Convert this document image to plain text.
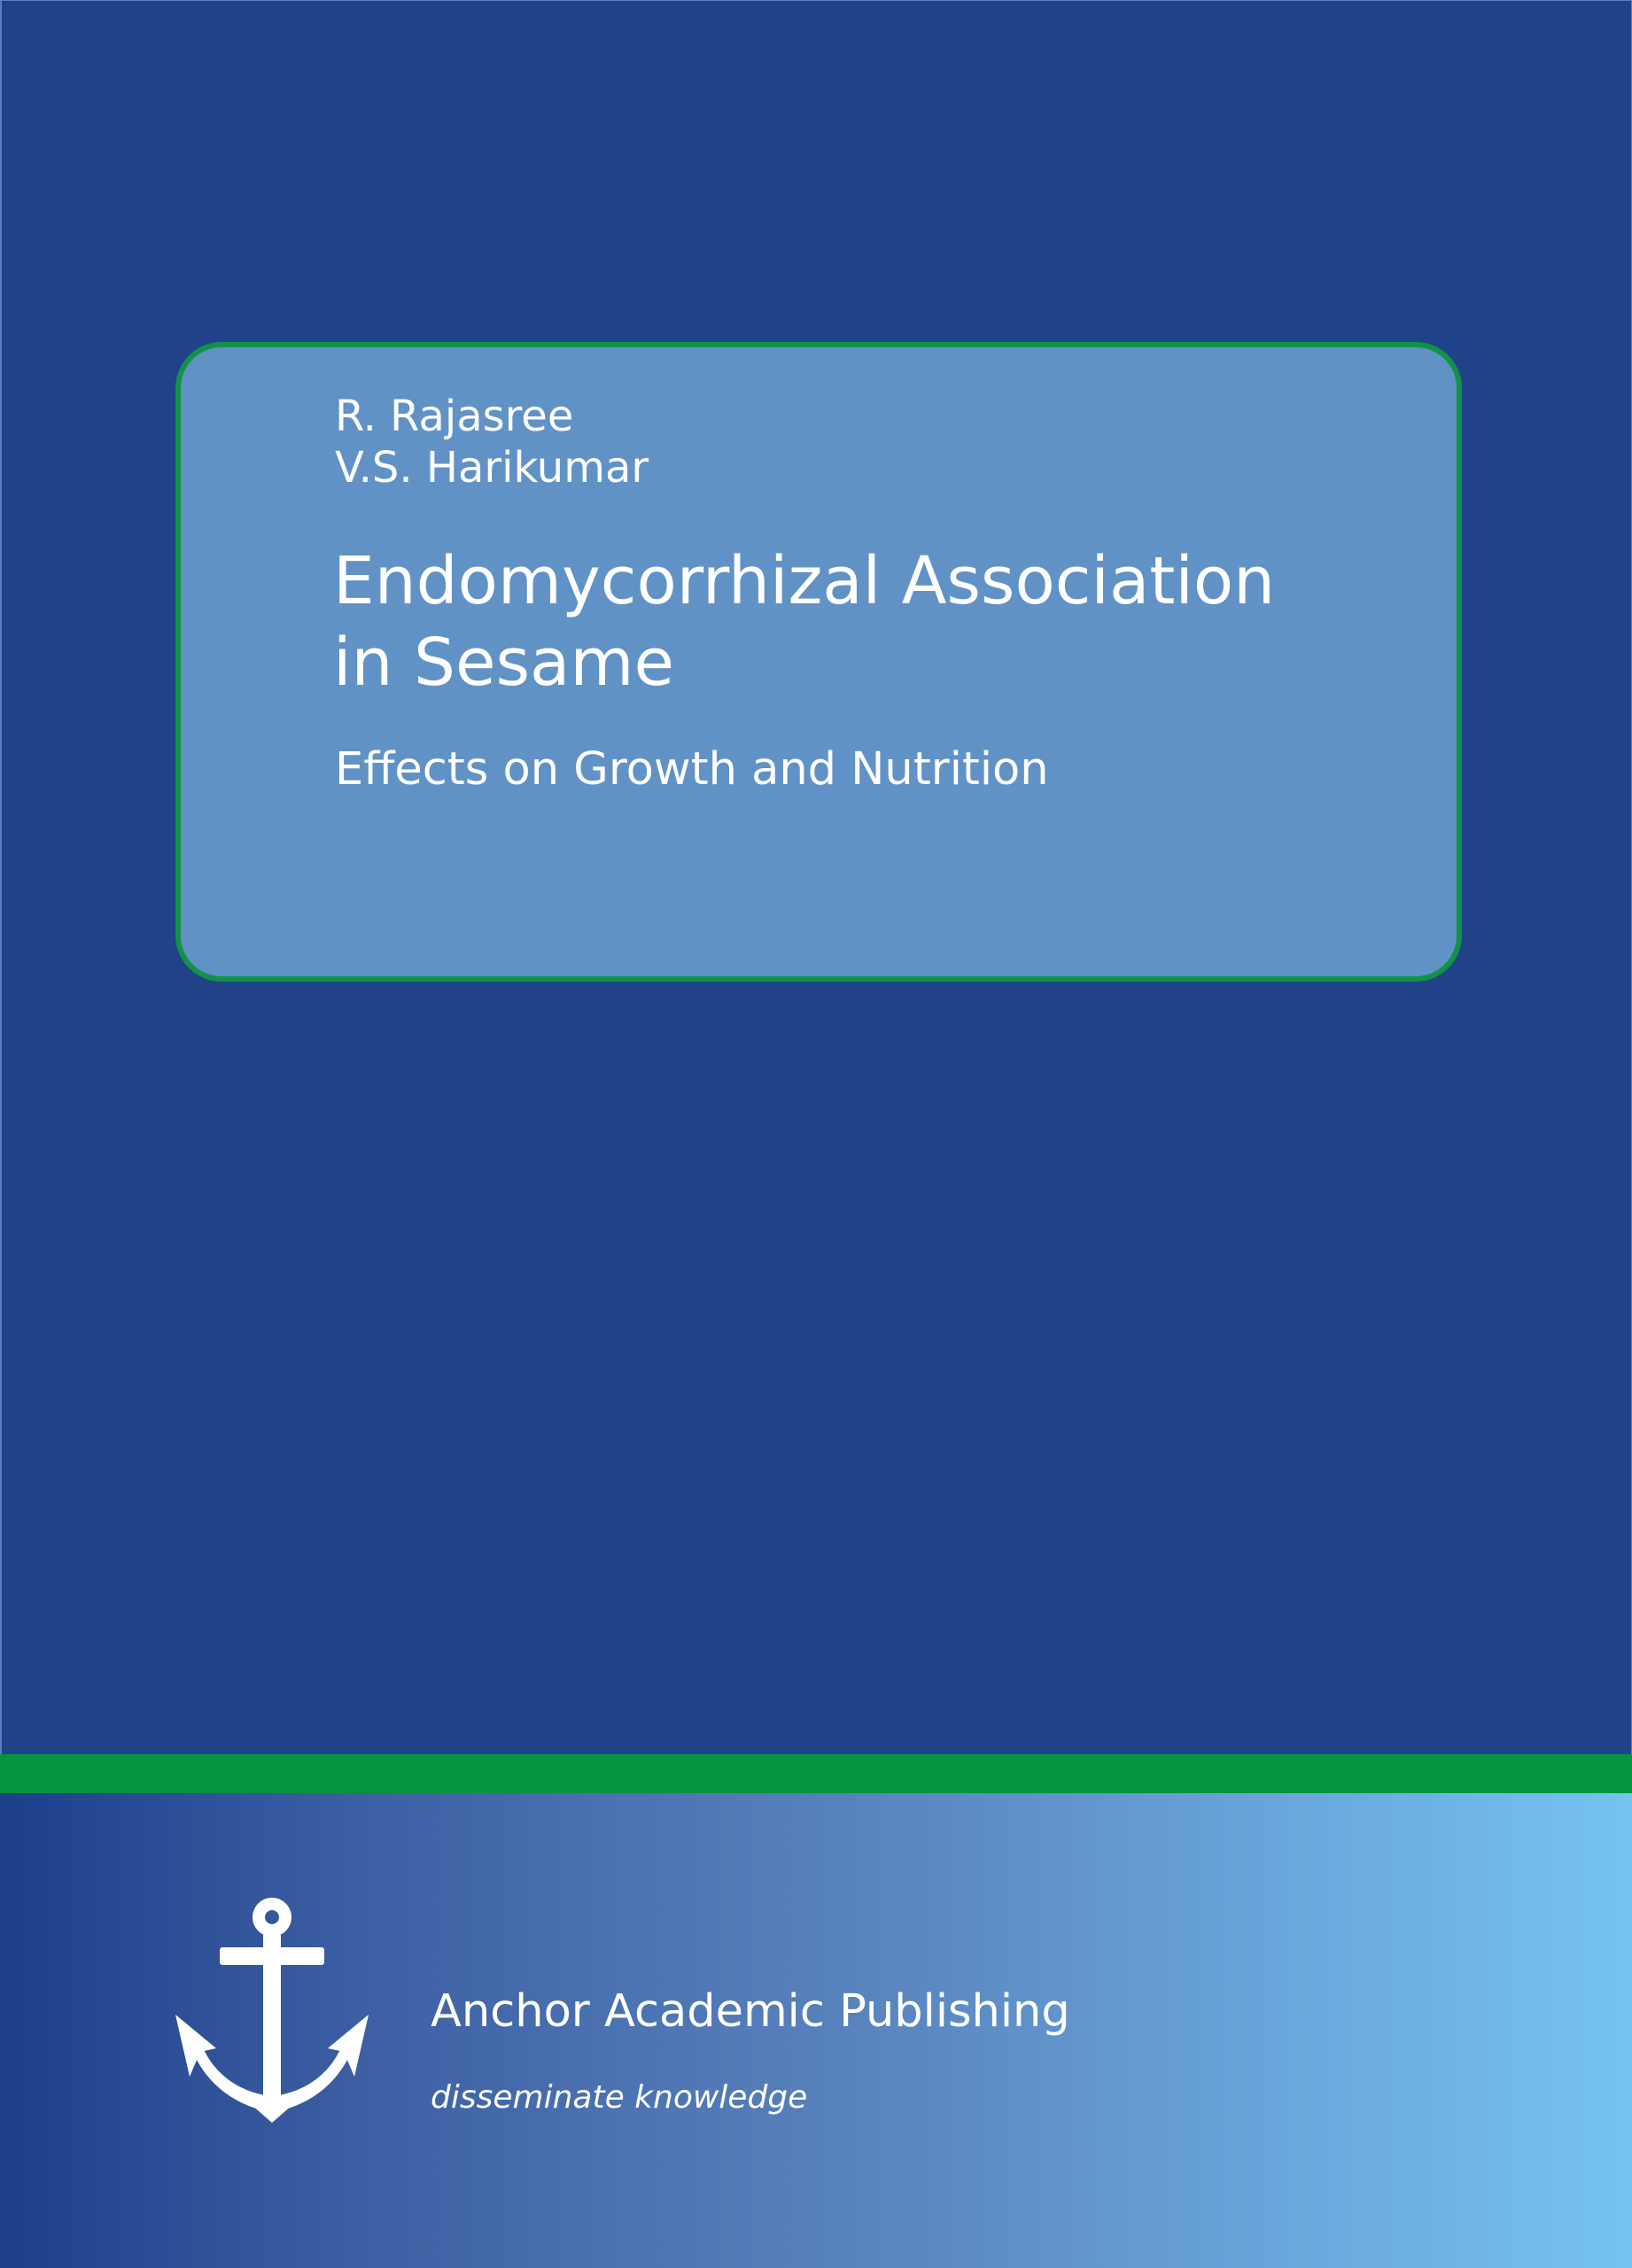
R. Rajasree
V.S. Harikumar
Endomycorrhizal Association
in Sesame
Effects on Growth and Nutrition
Anchor Academic Publishing
disseminate knowledge
